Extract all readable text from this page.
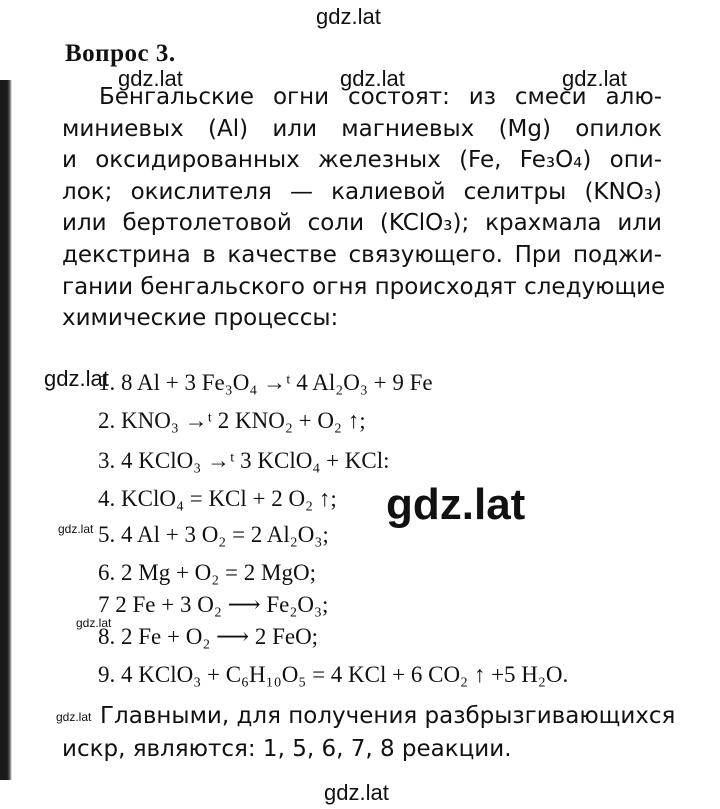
gdz.lat
gdz.lat	gdz.lat	gdz.lat
gdz.lat
gdz.lat
gdz.lat
gdz.lat
gdz.lat
gdz.lat
Вопрос 3.
Бенгальские огни состоят: из смеси алю-
миниевых (Al) или магниевых (Mg) опилок
и оксидированных железных (Fe, Fe₃O₄) опи-
лок; окислителя — калиевой селитры (KNO₃)
или бертолетовой соли (KClO₃); крахмала или
декстрина в качестве связующего. При поджи-
гании бенгальского огня происходят следующие
химические процессы:
1. 8 Al + 3 Fe₃O₄ →ᵗ 4 Al₂O₃ + 9 Fe
2. KNO₃ →ᵗ 2 KNO₂ + O₂ ↑;
3. 4 KClO₃ →ᵗ 3 KClO₄ + KCl:
4. KClO₄ = KCl + 2 O₂ ↑;
5. 4 Al + 3 O₂ = 2 Al₂O₃;
6. 2 Mg + O₂ = 2 MgO;
7 2 Fe + 3 O₂ ⟶ Fe₂O₃;
8. 2 Fe + O₂ ⟶ 2 FeO;
9. 4 KClO₃ + C₆H₁₀O₅ = 4 KCl + 6 CO₂ ↑ +5 H₂O.
Главными, для получения разбрызгивающихся
искр, являются: 1, 5, 6, 7, 8 реакции.
